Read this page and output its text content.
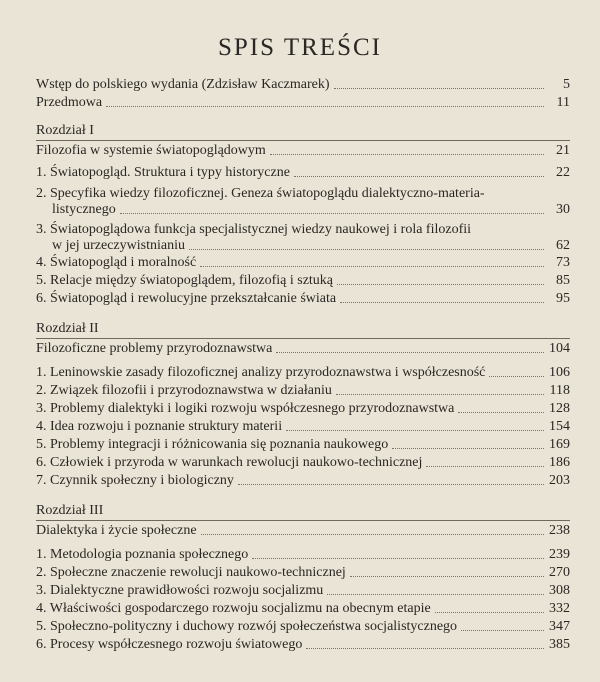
SPIS TREŚCI
Wstęp do polskiego wydania (Zdzisław Kaczmarek)	5
Przedmowa	11
Rozdział I
Filozofia w systemie światopoglądowym	21
1. Światopogląd. Struktura i typy historyczne	22
2. Specyfika wiedzy filozoficznej. Geneza światopoglądu dialektyczno-materia-
listycznego	30
3. Światopoglądowa funkcja specjalistycznej wiedzy naukowej i rola filozofii
w jej urzeczywistnianiu	62
4. Światopogląd i moralność	73
5. Relacje między światopoglądem, filozofią i sztuką	85
6. Światopogląd i rewolucyjne przekształcanie świata	95
Rozdział II
Filozoficzne problemy przyrodoznawstwa	104
1. Leninowskie zasady filozoficznej analizy przyrodoznawstwa i współczesność	106
2. Związek filozofii i przyrodoznawstwa w działaniu	118
3. Problemy dialektyki i logiki rozwoju współczesnego przyrodoznawstwa	128
4. Idea rozwoju i poznanie struktury materii	154
5. Problemy integracji i różnicowania się poznania naukowego	169
6. Człowiek i przyroda w warunkach rewolucji naukowo-technicznej	186
7. Czynnik społeczny i biologiczny	203
Rozdział III
Dialektyka i życie społeczne	238
1. Metodologia poznania społecznego	239
2. Społeczne znaczenie rewolucji naukowo-technicznej	270
3. Dialektyczne prawidłowości rozwoju socjalizmu	308
4. Właściwości gospodarczego rozwoju socjalizmu na obecnym etapie	332
5. Społeczno-polityczny i duchowy rozwój społeczeństwa socjalistycznego	347
6. Procesy współczesnego rozwoju światowego	385
